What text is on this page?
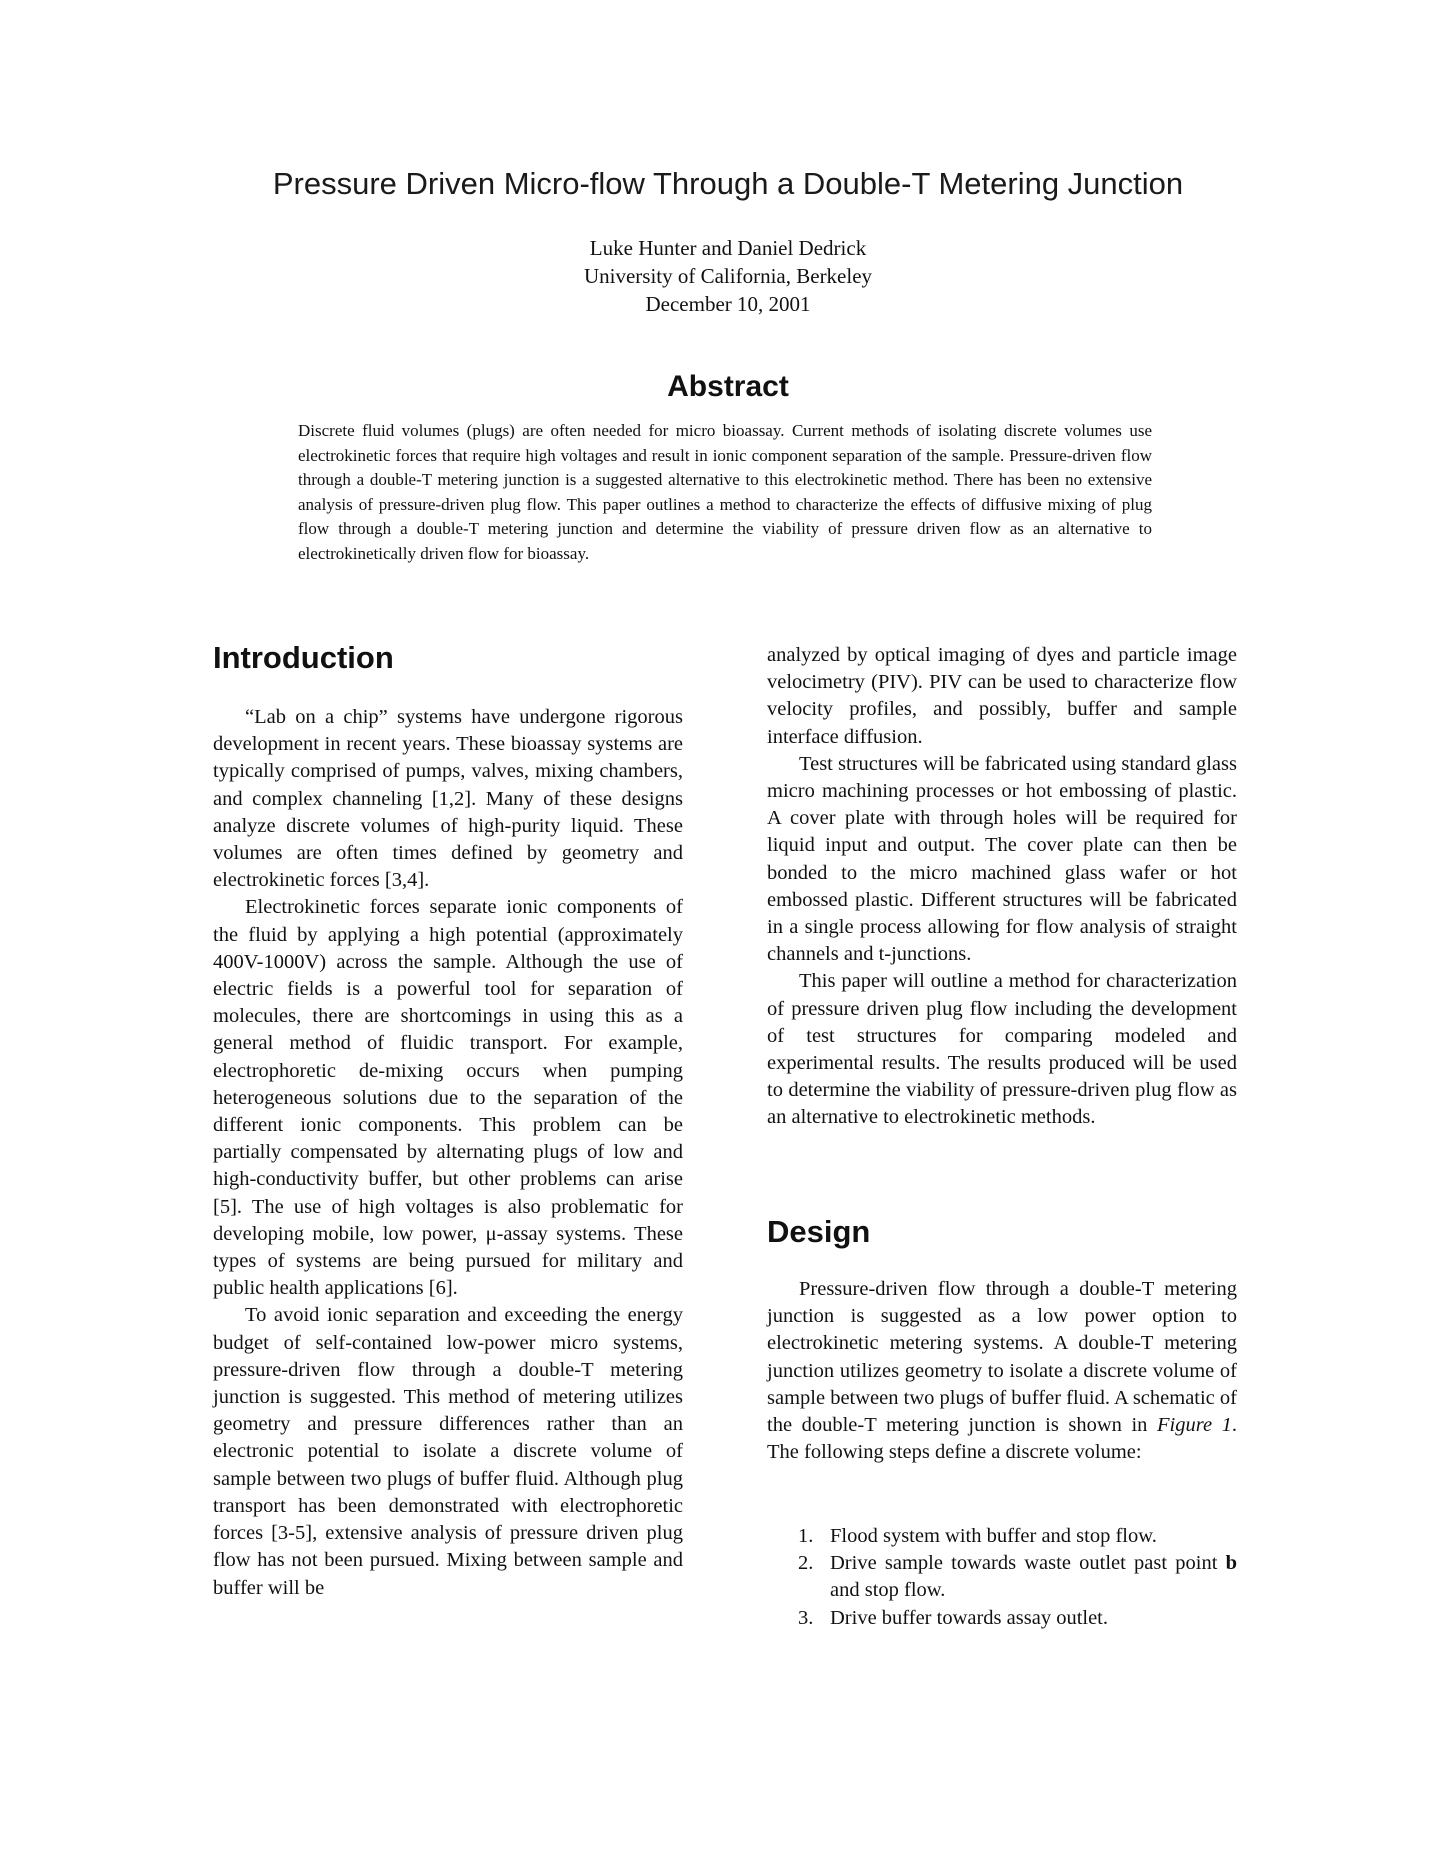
Pressure Driven Micro-flow Through a Double-T Metering Junction
Luke Hunter and Daniel Dedrick
University of California, Berkeley
December 10, 2001
Abstract

Discrete fluid volumes (plugs) are often needed for micro bioassay. Current methods of isolating discrete volumes use electrokinetic forces that require high voltages and result in ionic component separation of the sample. Pressure-driven flow through a double-T metering junction is a suggested alternative to this electrokinetic method. There has been no extensive analysis of pressure-driven plug flow. This paper outlines a method to characterize the effects of diffusive mixing of plug flow through a double-T metering junction and determine the viability of pressure driven flow as an alternative to electrokinetically driven flow for bioassay.

Introduction

“Lab on a chip” systems have undergone rigorous development in recent years. These bioassay systems are typically comprised of pumps, valves, mixing chambers, and complex channeling [1,2]. Many of these designs analyze discrete volumes of high-purity liquid. These volumes are often times defined by geometry and electrokinetic forces [3,4].

Electrokinetic forces separate ionic components of the fluid by applying a high potential (approximately 400V-1000V) across the sample. Although the use of electric fields is a powerful tool for separation of molecules, there are shortcomings in using this as a general method of fluidic transport. For example, electrophoretic de-mixing occurs when pumping heterogeneous solutions due to the separation of the different ionic components. This problem can be partially compensated by alternating plugs of low and high-conductivity buffer, but other problems can arise [5]. The use of high voltages is also problematic for developing mobile, low power, μ-assay systems. These types of systems are being pursued for military and public health applications [6].

To avoid ionic separation and exceeding the energy budget of self-contained low-power micro systems, pressure-driven flow through a double-T metering junction is suggested. This method of metering utilizes geometry and pressure differences rather than an electronic potential to isolate a discrete volume of sample between two plugs of buffer fluid. Although plug transport has been demonstrated with electrophoretic forces [3-5], extensive analysis of pressure driven plug flow has not been pursued. Mixing between sample and buffer will be

analyzed by optical imaging of dyes and particle image velocimetry (PIV). PIV can be used to characterize flow velocity profiles, and possibly, buffer and sample interface diffusion.

Test structures will be fabricated using standard glass micro machining processes or hot embossing of plastic. A cover plate with through holes will be required for liquid input and output. The cover plate can then be bonded to the micro machined glass wafer or hot embossed plastic. Different structures will be fabricated in a single process allowing for flow analysis of straight channels and t-junctions.

This paper will outline a method for characterization of pressure driven plug flow including the development of test structures for comparing modeled and experimental results. The results produced will be used to determine the viability of pressure-driven plug flow as an alternative to electrokinetic methods.

Design

Pressure-driven flow through a double-T metering junction is suggested as a low power option to electrokinetic metering systems. A double-T metering junction utilizes geometry to isolate a discrete volume of sample between two plugs of buffer fluid. A schematic of the double-T metering junction is shown in Figure 1. The following steps define a discrete volume:

1. Flood system with buffer and stop flow.
2. Drive sample towards waste outlet past point b and stop flow.
3. Drive buffer towards assay outlet.
